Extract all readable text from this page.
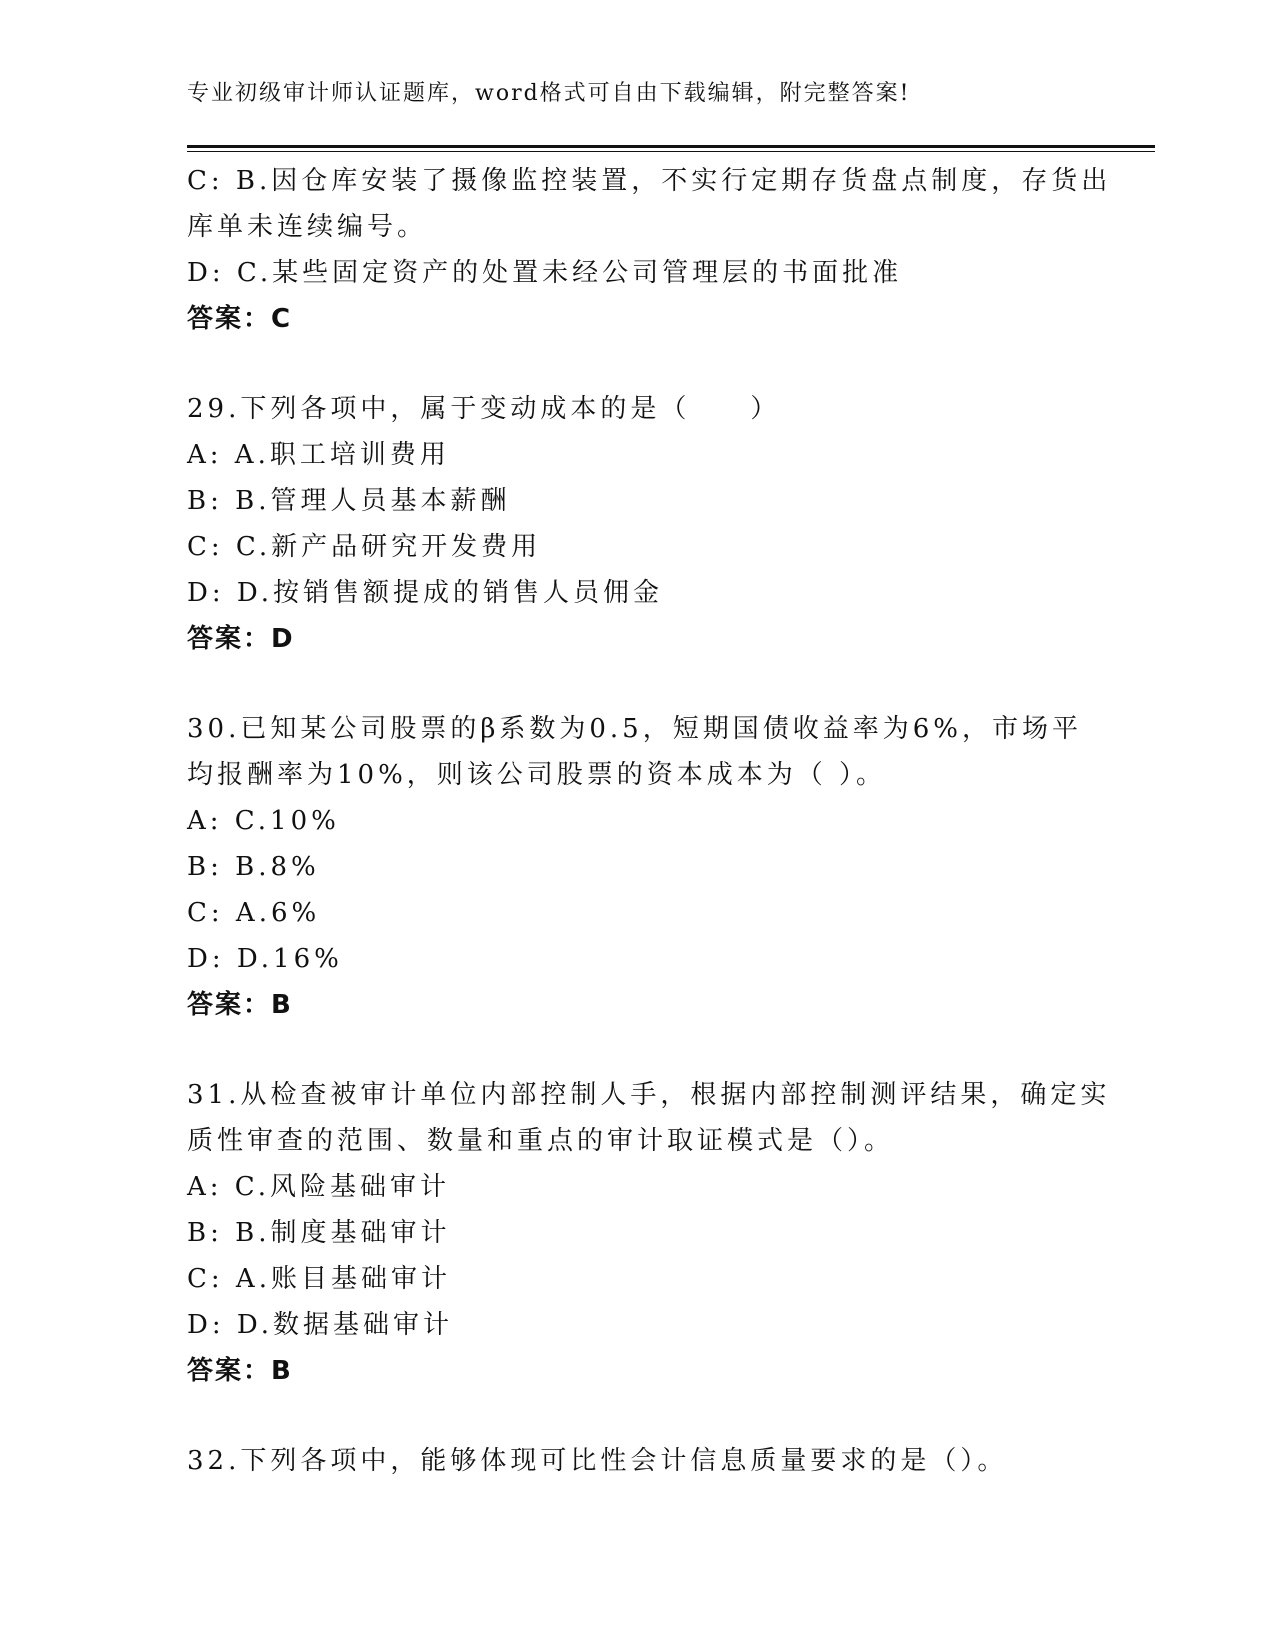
专业初级审计师认证题库，word格式可自由下载编辑，附完整答案!
C: B.因仓库安装了摄像监控装置，不实行定期存货盘点制度，存货出
库单未连续编号。
D: C.某些固定资产的处置未经公司管理层的书面批准
答案：C
29.下列各项中，属于变动成本的是（　　）
A: A.职工培训费用
B: B.管理人员基本薪酬
C: C.新产品研究开发费用
D: D.按销售额提成的销售人员佣金
答案：D
30.已知某公司股票的β系数为0.5，短期国债收益率为6%，市场平
均报酬率为10%，则该公司股票的资本成本为（ ）。
A: C.10%
B: B.8%
C: A.6%
D: D.16%
答案：B
31.从检查被审计单位内部控制人手，根据内部控制测评结果，确定实
质性审查的范围、数量和重点的审计取证模式是（）。
A: C.风险基础审计
B: B.制度基础审计
C: A.账目基础审计
D: D.数据基础审计
答案：B
32.下列各项中，能够体现可比性会计信息质量要求的是（）。
